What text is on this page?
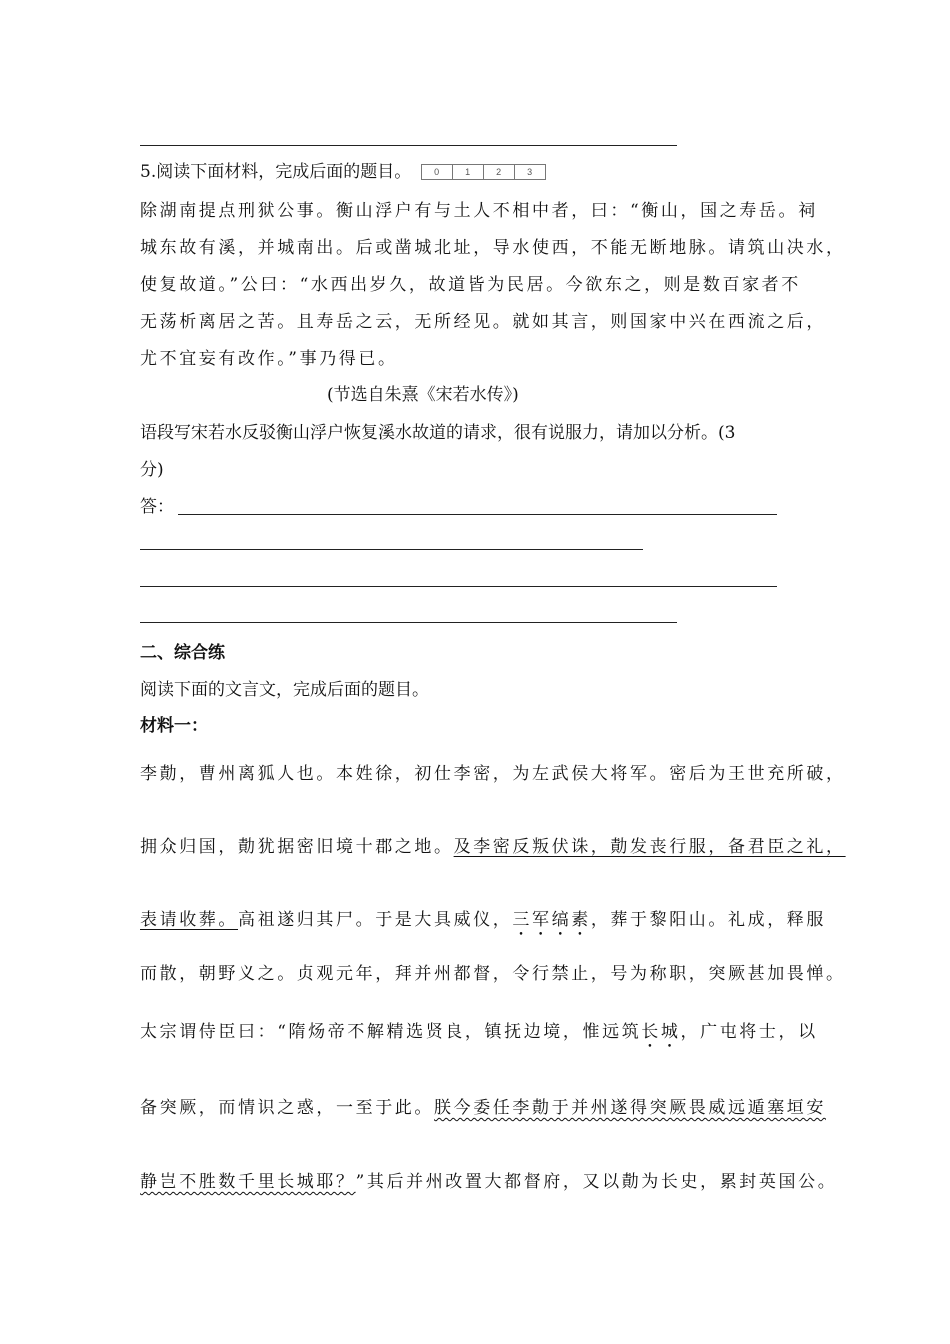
5.阅读下面材料，完成后面的题目。	0	1	2	3
除湖南提点刑狱公事。衡山浮户有与土人不相中者，曰：“衡山，国之寿岳。祠
城东故有溪，并城南出。后或凿城北址，导水使西，不能无断地脉。请筑山决水，
使复故道。”公曰：“水西出岁久，故道皆为民居。今欲东之，则是数百家者不
无荡析离居之苦。且寿岳之云，无所经见。就如其言，则国家中兴在西流之后，
尤不宜妄有改作。”事乃得已。
(节选自朱熹《宋若水传》)
语段写宋若水反驳衡山浮户恢复溪水故道的请求，很有说服力，请加以分析。(3
分)
答：
二、综合练
阅读下面的文言文，完成后面的题目。
材料一：
李勣，曹州离狐人也。本姓徐，初仕李密，为左武侯大将军。密后为王世充所破，
拥众归国，勣犹据密旧境十郡之地。及李密反叛伏诛，勣发丧行服，备君臣之礼，
表请收葬。高祖遂归其尸。于是大具威仪，三军缟素，葬于黎阳山。礼成，释服
而散，朝野义之。贞观元年，拜并州都督，令行禁止，号为称职，突厥甚加畏惮。
太宗谓侍臣曰：“隋炀帝不解精选贤良，镇抚边境，惟远筑长城，广屯将士，以
备突厥，而情识之惑，一至于此。朕今委任李勣于并州遂得突厥畏威远遁塞垣安
静岂不胜数千里长城耶？”其后并州改置大都督府，又以勣为长史，累封英国公。
